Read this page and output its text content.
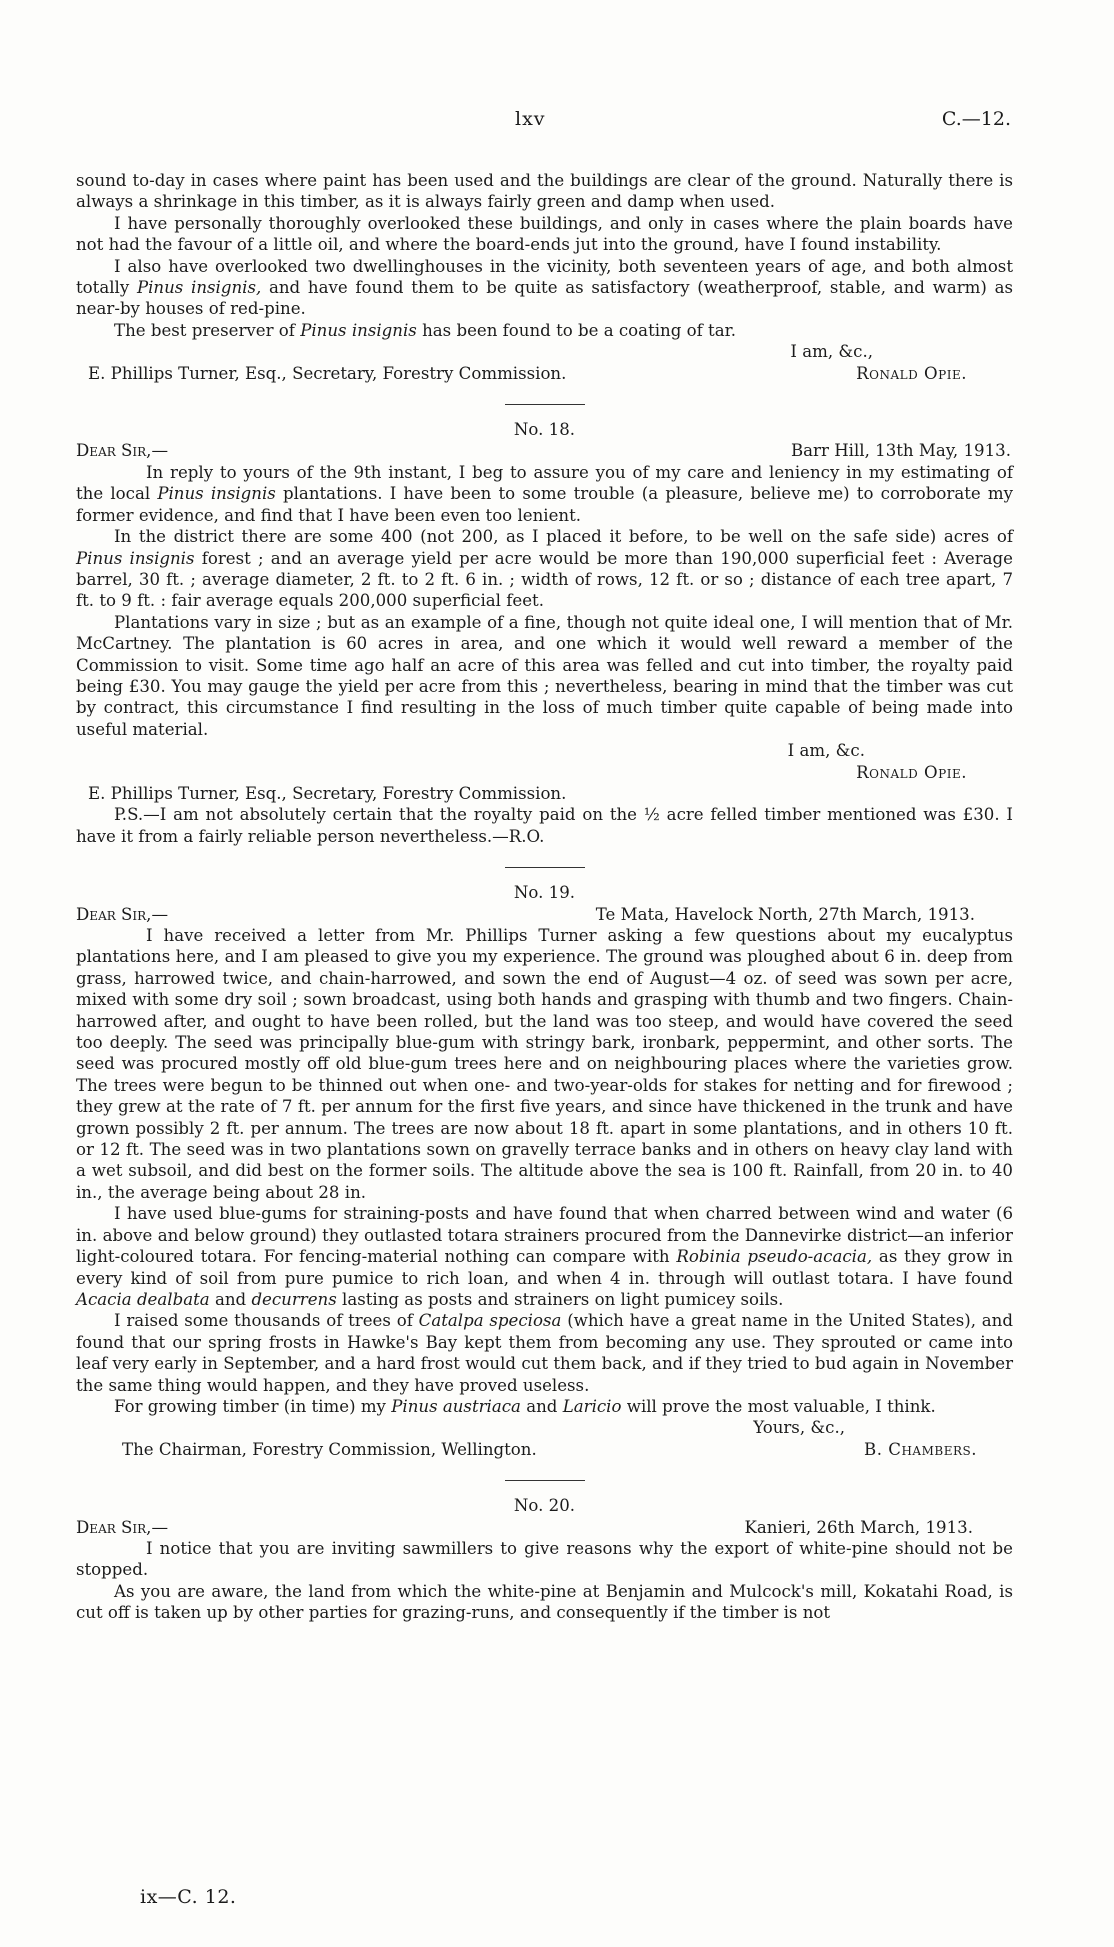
lxv	C.—12.

sound to-day in cases where paint has been used and the buildings are clear of the ground. Naturally there is always a shrinkage in this timber, as it is always fairly green and damp when used.

I have personally thoroughly overlooked these buildings, and only in cases where the plain boards have not had the favour of a little oil, and where the board-ends jut into the ground, have I found instability.

I also have overlooked two dwellinghouses in the vicinity, both seventeen years of age, and both almost totally Pinus insignis, and have found them to be quite as satisfactory (weatherproof, stable, and warm) as near-by houses of red-pine.

The best preserver of Pinus insignis has been found to be a coating of tar.

I am, &c.,
E. Phillips Turner, Esq., Secretary, Forestry Commission.	Ronald Opie.
No. 18.
Dear Sir,—	Barr Hill, 13th May, 1913.

In reply to yours of the 9th instant, I beg to assure you of my care and leniency in my estimating of the local Pinus insignis plantations. I have been to some trouble (a pleasure, believe me) to corroborate my former evidence, and find that I have been even too lenient.

In the district there are some 400 (not 200, as I placed it before, to be well on the safe side) acres of Pinus insignis forest ; and an average yield per acre would be more than 190,000 superficial feet : Average barrel, 30 ft. ; average diameter, 2 ft. to 2 ft. 6 in. ; width of rows, 12 ft. or so ; distance of each tree apart, 7 ft. to 9 ft. : fair average equals 200,000 superficial feet.

Plantations vary in size ; but as an example of a fine, though not quite ideal one, I will mention that of Mr. McCartney. The plantation is 60 acres in area, and one which it would well reward a member of the Commission to visit. Some time ago half an acre of this area was felled and cut into timber, the royalty paid being £30. You may gauge the yield per acre from this ; nevertheless, bearing in mind that the timber was cut by contract, this circumstance I find resulting in the loss of much timber quite capable of being made into useful material.

I am, &c.
Ronald Opie.
E. Phillips Turner, Esq., Secretary, Forestry Commission.

P.S.—I am not absolutely certain that the royalty paid on the ½ acre felled timber mentioned was £30. I have it from a fairly reliable person nevertheless.—R.O.

No. 19.
Dear Sir,—	Te Mata, Havelock North, 27th March, 1913.

I have received a letter from Mr. Phillips Turner asking a few questions about my eucalyptus plantations here, and I am pleased to give you my experience. The ground was ploughed about 6 in. deep from grass, harrowed twice, and chain-harrowed, and sown the end of August—4 oz. of seed was sown per acre, mixed with some dry soil ; sown broadcast, using both hands and grasping with thumb and two fingers. Chain-harrowed after, and ought to have been rolled, but the land was too steep, and would have covered the seed too deeply. The seed was principally blue-gum with stringy bark, ironbark, peppermint, and other sorts. The seed was procured mostly off old blue-gum trees here and on neighbouring places where the varieties grow. The trees were begun to be thinned out when one- and two-year-olds for stakes for netting and for firewood ; they grew at the rate of 7 ft. per annum for the first five years, and since have thickened in the trunk and have grown possibly 2 ft. per annum. The trees are now about 18 ft. apart in some plantations, and in others 10 ft. or 12 ft. The seed was in two plantations sown on gravelly terrace banks and in others on heavy clay land with a wet subsoil, and did best on the former soils. The altitude above the sea is 100 ft. Rainfall, from 20 in. to 40 in., the average being about 28 in.

I have used blue-gums for straining-posts and have found that when charred between wind and water (6 in. above and below ground) they outlasted totara strainers procured from the Dannevirke district—an inferior light-coloured totara. For fencing-material nothing can compare with Robinia pseudo-acacia, as they grow in every kind of soil from pure pumice to rich loan, and when 4 in. through will outlast totara. I have found Acacia dealbata and decurrens lasting as posts and strainers on light pumicey soils.

I raised some thousands of trees of Catalpa speciosa (which have a great name in the United States), and found that our spring frosts in Hawke's Bay kept them from becoming any use. They sprouted or came into leaf very early in September, and a hard frost would cut them back, and if they tried to bud again in November the same thing would happen, and they have proved useless.

For growing timber (in time) my Pinus austriaca and Laricio will prove the most valuable, I think.

Yours, &c.,
The Chairman, Forestry Commission, Wellington.	B. Chambers.
No. 20.
Dear Sir,—	Kanieri, 26th March, 1913.

I notice that you are inviting sawmillers to give reasons why the export of white-pine should not be stopped.

As you are aware, the land from which the white-pine at Benjamin and Mulcock's mill, Kokatahi Road, is cut off is taken up by other parties for grazing-runs, and consequently if the timber is not

ix—C. 12.
